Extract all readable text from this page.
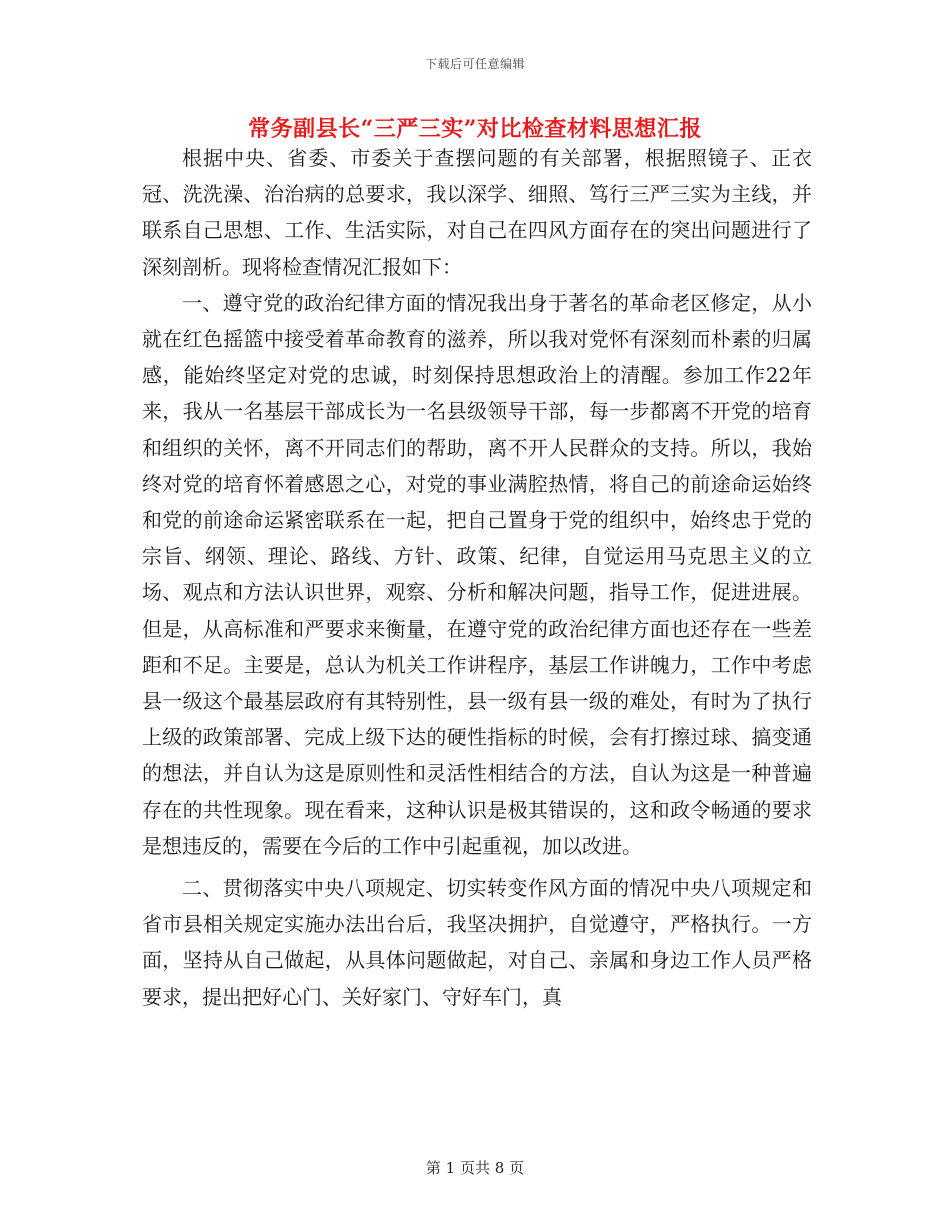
下载后可任意编辑
常务副县长“三严三实”对比检查材料思想汇报

根据中央、省委、市委关于查摆问题的有关部署，根据照镜子、正衣冠、洗洗澡、治治病的总要求，我以深学、细照、笃行三严三实为主线，并联系自己思想、工作、生活实际，对自己在四风方面存在的突出问题进行了深刻剖析。现将检查情况汇报如下：

一、遵守党的政治纪律方面的情况我出身于著名的革命老区修定，从小就在红色摇篮中接受着革命教育的滋养，所以我对党怀有深刻而朴素的归属感，能始终坚定对党的忠诚，时刻保持思想政治上的清醒。参加工作22年来，我从一名基层干部成长为一名县级领导干部，每一步都离不开党的培育和组织的关怀，离不开同志们的帮助，离不开人民群众的支持。所以，我始终对党的培育怀着感恩之心，对党的事业满腔热情，将自己的前途命运始终和党的前途命运紧密联系在一起，把自己置身于党的组织中，始终忠于党的宗旨、纲领、理论、路线、方针、政策、纪律，自觉运用马克思主义的立场、观点和方法认识世界，观察、分析和解决问题，指导工作，促进进展。但是，从高标准和严要求来衡量，在遵守党的政治纪律方面也还存在一些差距和不足。主要是，总认为机关工作讲程序，基层工作讲魄力，工作中考虑县一级这个最基层政府有其特别性，县一级有县一级的难处，有时为了执行上级的政策部署、完成上级下达的硬性指标的时候，会有打擦过球、搞变通的想法，并自认为这是原则性和灵活性相结合的方法，自认为这是一种普遍存在的共性现象。现在看来，这种认识是极其错误的，这和政令畅通的要求是想违反的，需要在今后的工作中引起重视，加以改进。

二、贯彻落实中央八项规定、切实转变作风方面的情况中央八项规定和省市县相关规定实施办法出台后，我坚决拥护，自觉遵守，严格执行。一方面，坚持从自己做起，从具体问题做起，对自己、亲属和身边工作人员严格要求，提出把好心门、关好家门、守好车门，真

第 1 页共 8 页
